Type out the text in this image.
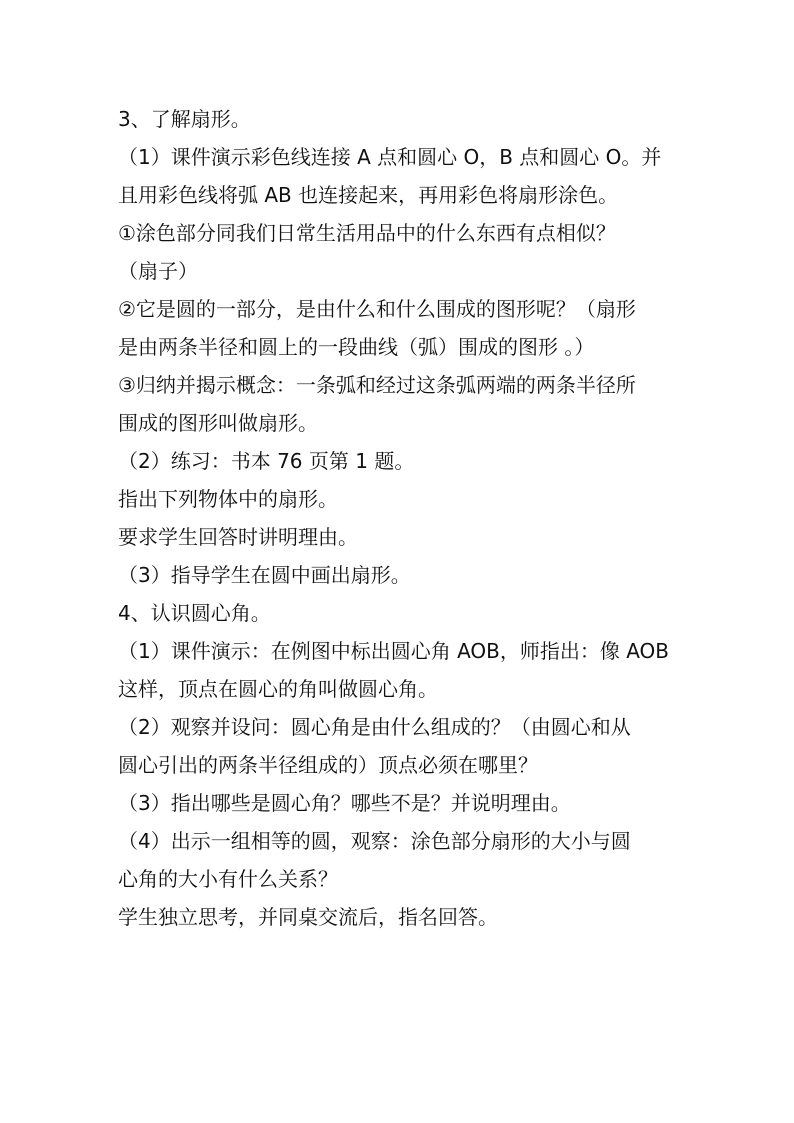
3、了解扇形。

（1）课件演示彩色线连接 A 点和圆心 O，B 点和圆心 O。并

且用彩色线将弧 AB 也连接起来，再用彩色将扇形涂色。

①涂色部分同我们日常生活用品中的什么东西有点相似？

（扇子）

②它是圆的一部分，是由什么和什么围成的图形呢？（扇形

是由两条半径和圆上的一段曲线（弧）围成的图形 。）

③归纳并揭示概念：一条弧和经过这条弧两端的两条半径所

围成的图形叫做扇形。

（2）练习：书本 76 页第 1 题。

指出下列物体中的扇形。

要求学生回答时讲明理由。

（3）指导学生在圆中画出扇形。

4、认识圆心角。

（1）课件演示：在例图中标出圆心角 AOB，师指出：像 AOB

这样，顶点在圆心的角叫做圆心角。

（2）观察并设问：圆心角是由什么组成的？（由圆心和从

圆心引出的两条半径组成的）顶点必须在哪里？

（3）指出哪些是圆心角？哪些不是？并说明理由。

（4）出示一组相等的圆，观察：涂色部分扇形的大小与圆

心角的大小有什么关系？

学生独立思考，并同桌交流后，指名回答。
